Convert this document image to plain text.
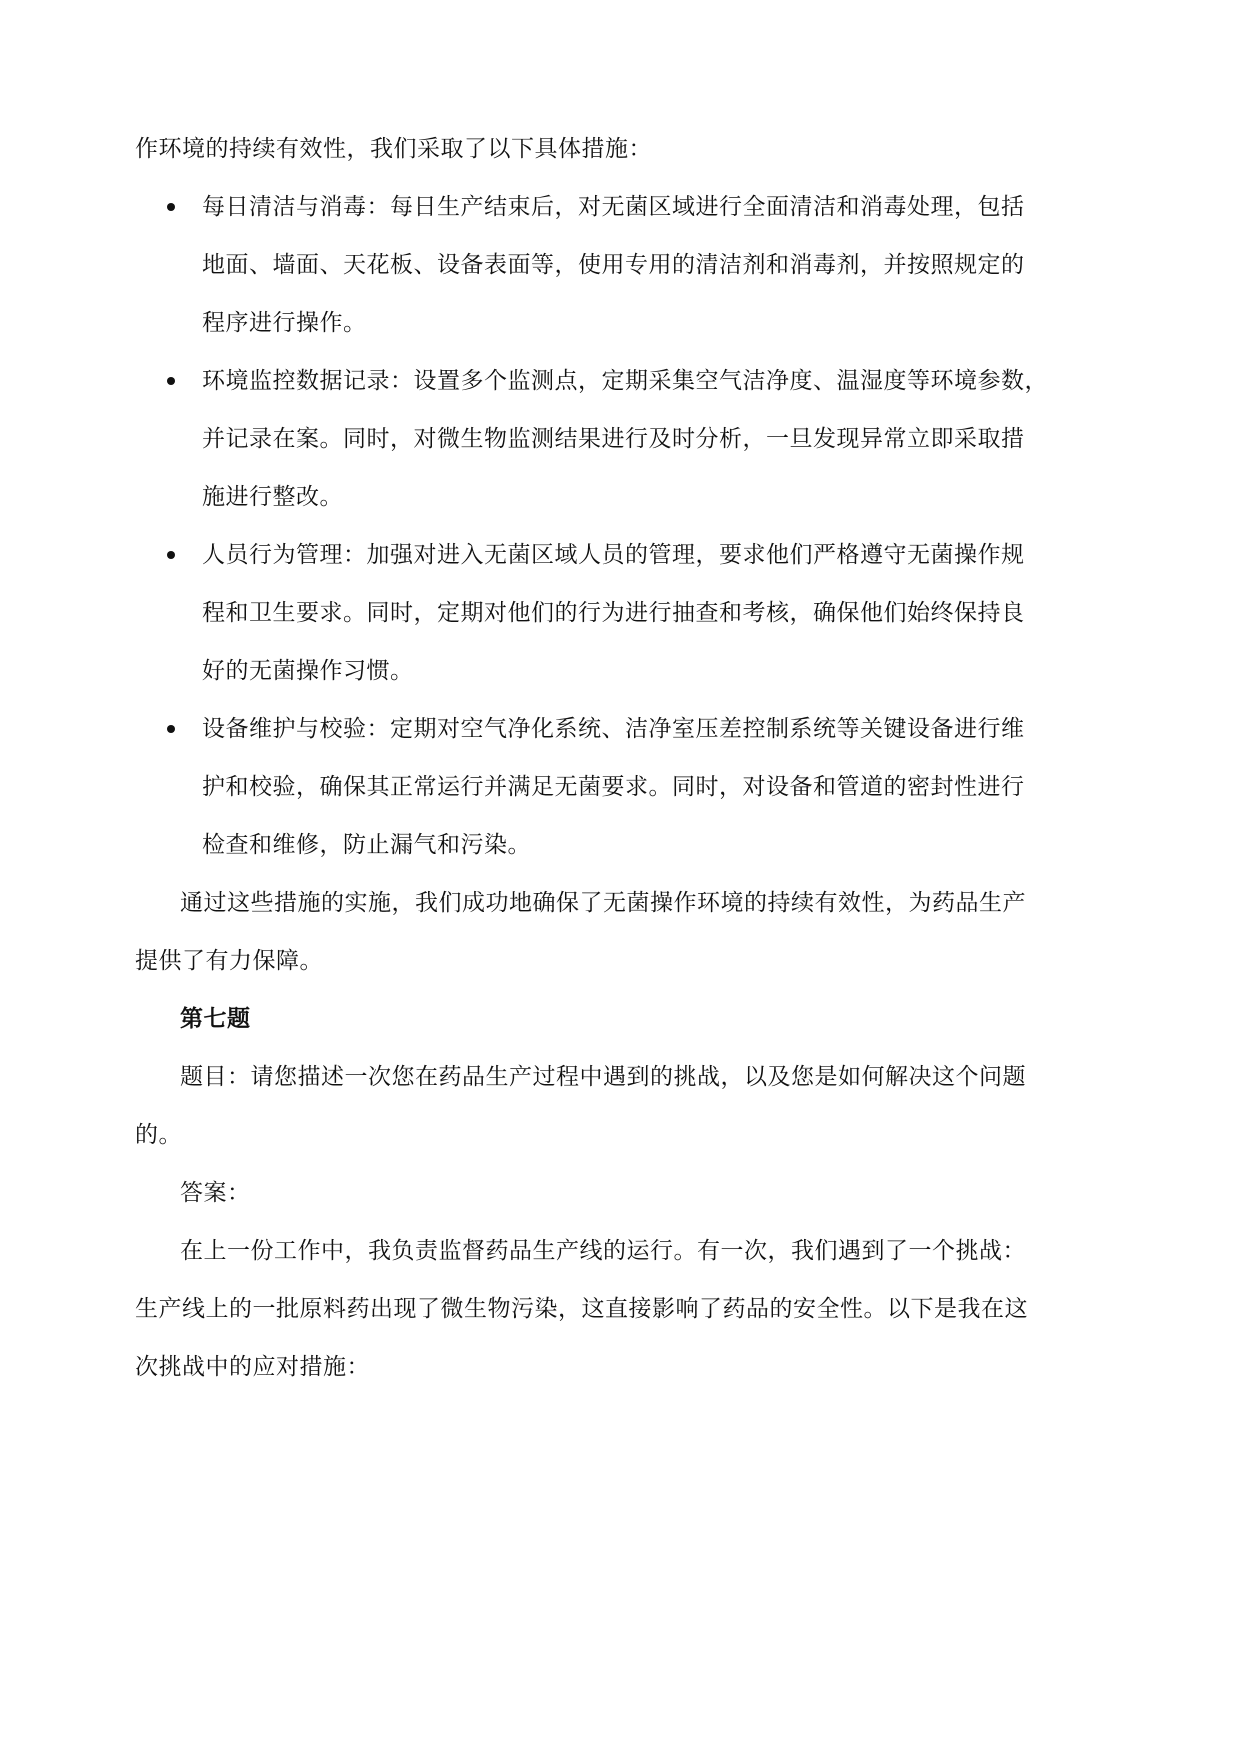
作环境的持续有效性，我们采取了以下具体措施：
每日清洁与消毒：每日生产结束后，对无菌区域进行全面清洁和消毒处理，包括
地面、墙面、天花板、设备表面等，使用专用的清洁剂和消毒剂，并按照规定的
程序进行操作。
环境监控数据记录：设置多个监测点，定期采集空气洁净度、温湿度等环境参数，
并记录在案。同时，对微生物监测结果进行及时分析，一旦发现异常立即采取措
施进行整改。
人员行为管理：加强对进入无菌区域人员的管理，要求他们严格遵守无菌操作规
程和卫生要求。同时，定期对他们的行为进行抽查和考核，确保他们始终保持良
好的无菌操作习惯。
设备维护与校验：定期对空气净化系统、洁净室压差控制系统等关键设备进行维
护和校验，确保其正常运行并满足无菌要求。同时，对设备和管道的密封性进行
检查和维修，防止漏气和污染。
通过这些措施的实施，我们成功地确保了无菌操作环境的持续有效性，为药品生产
提供了有力保障。
第七题
题目：请您描述一次您在药品生产过程中遇到的挑战，以及您是如何解决这个问题
的。
答案：
在上一份工作中，我负责监督药品生产线的运行。有一次，我们遇到了一个挑战：
生产线上的一批原料药出现了微生物污染，这直接影响了药品的安全性。以下是我在这
次挑战中的应对措施：
